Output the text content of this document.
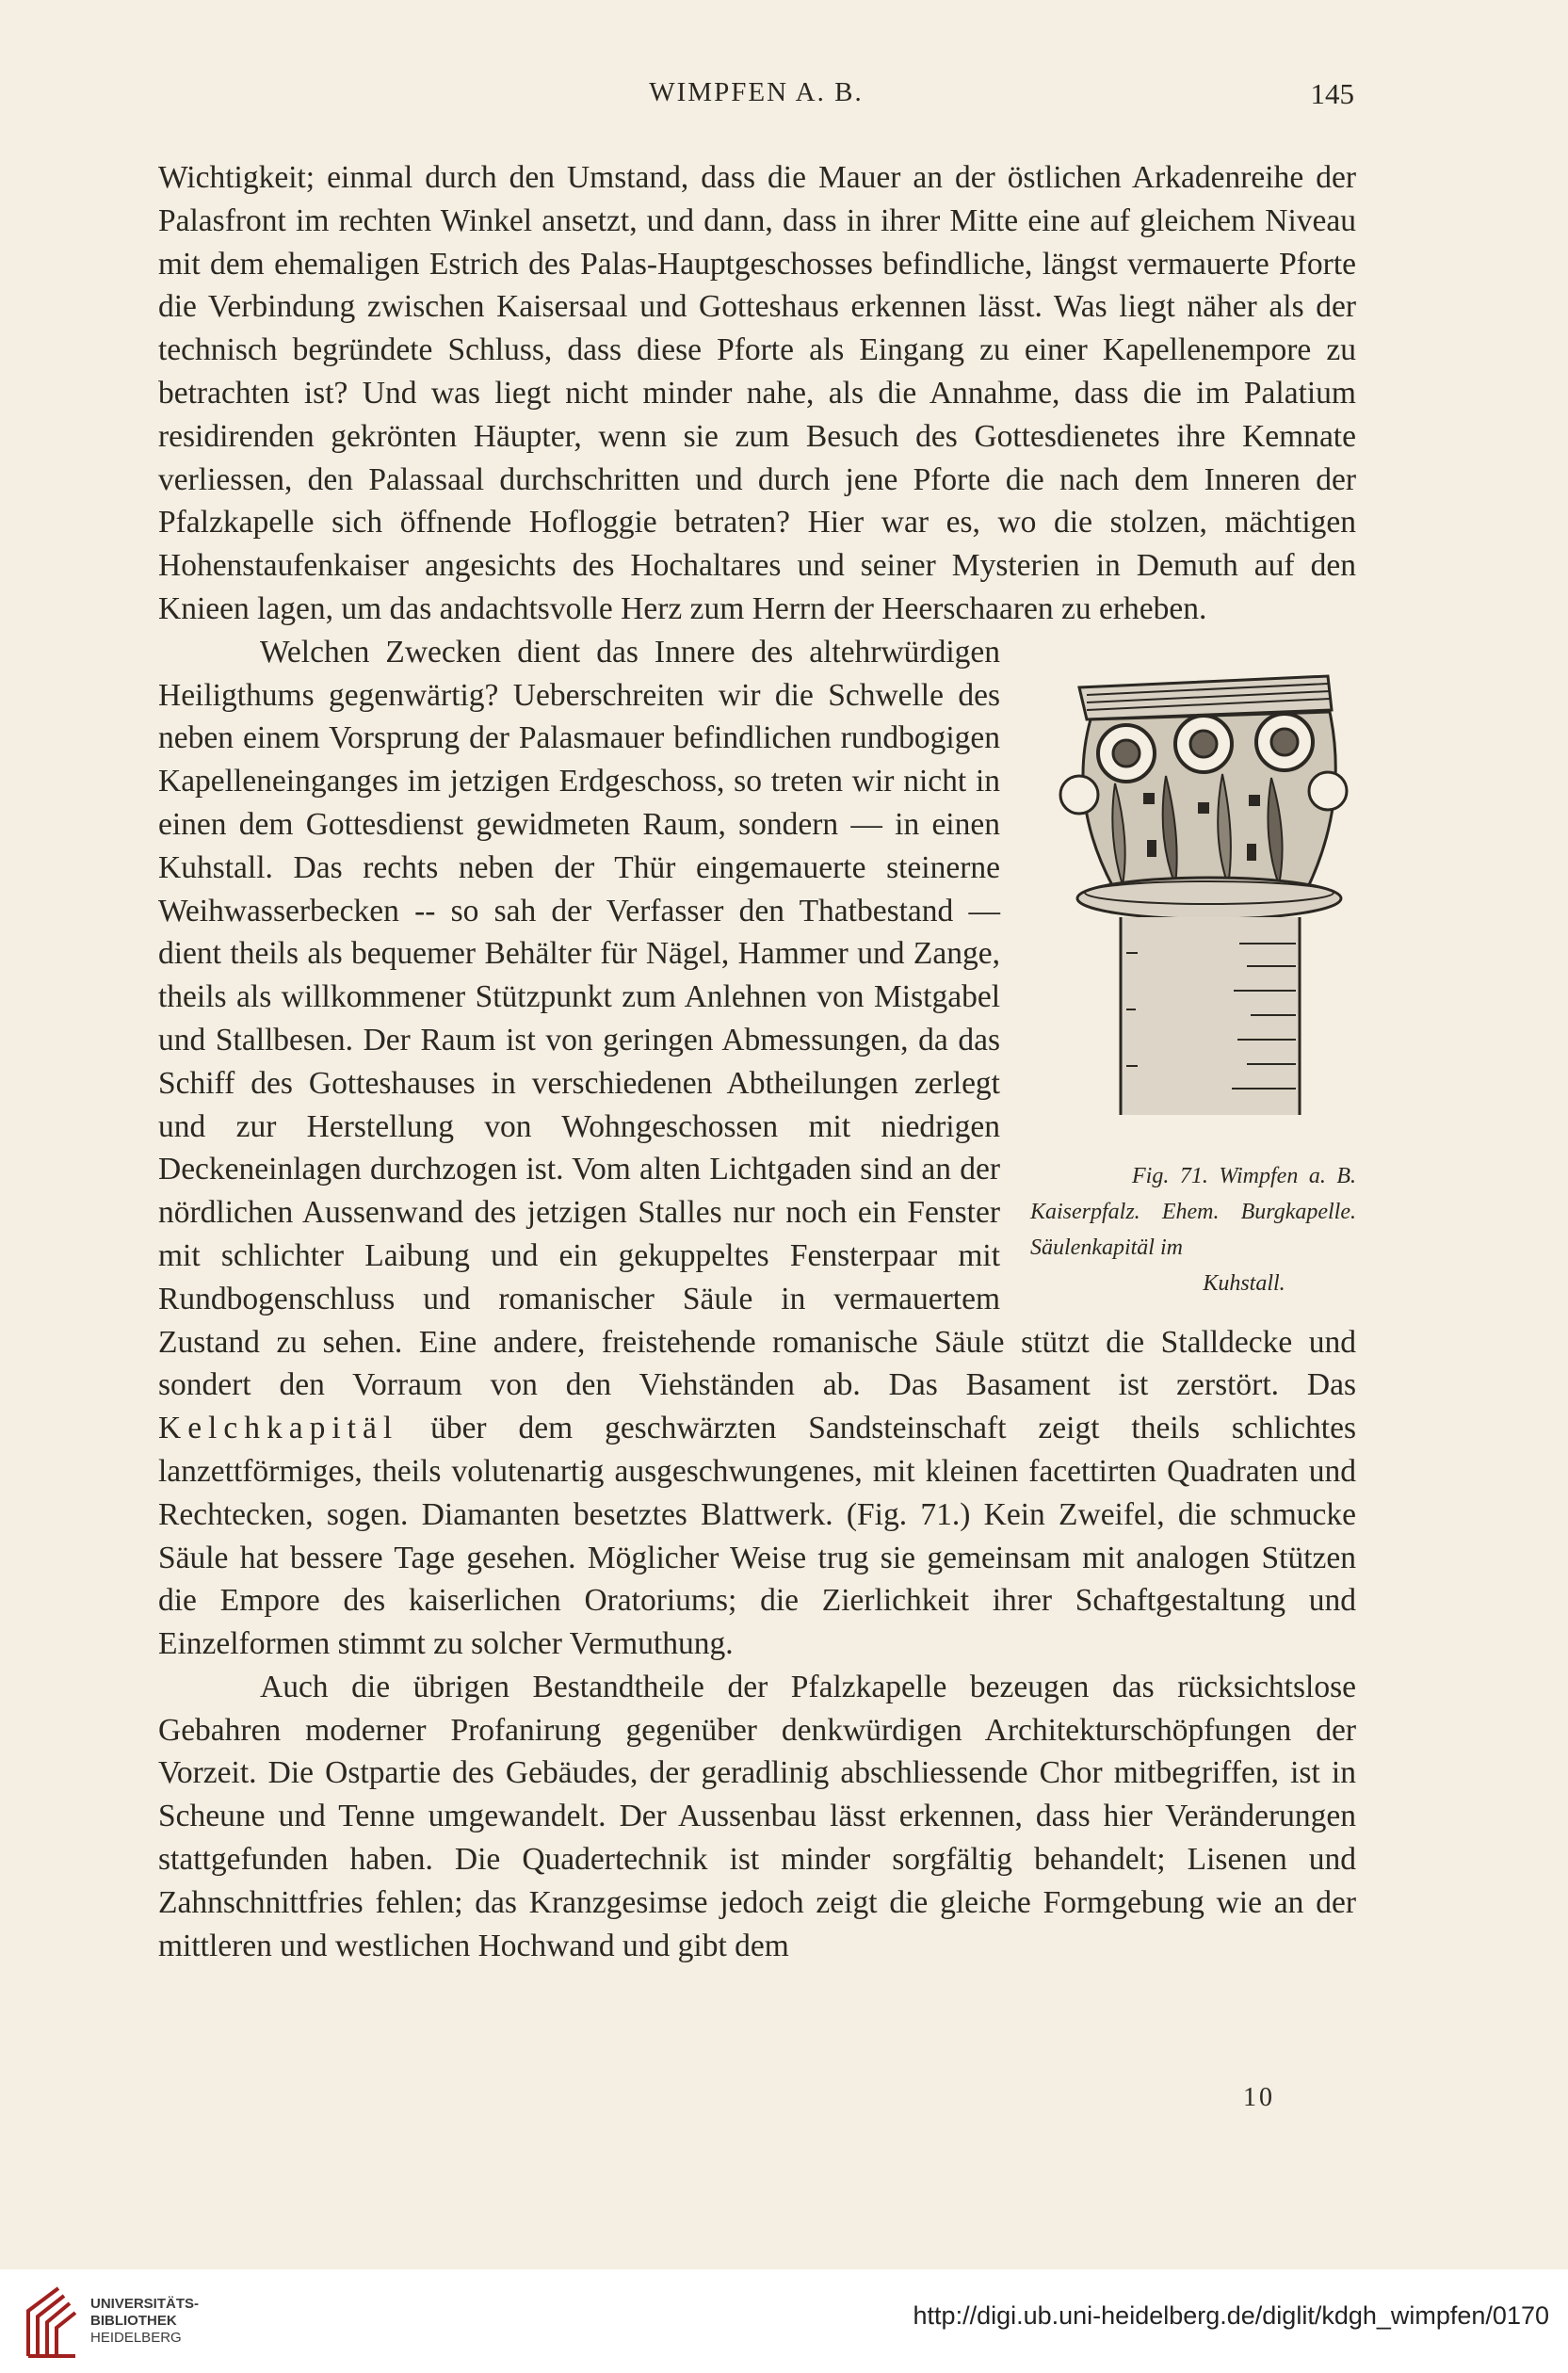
WIMPFEN A. B.	145

Wichtigkeit; einmal durch den Umstand, dass die Mauer an der östlichen Arkadenreihe der Palasfront im rechten Winkel ansetzt, und dann, dass in ihrer Mitte eine auf gleichem Niveau mit dem ehemaligen Estrich des Palas-Hauptgeschosses befindliche, längst vermauerte Pforte die Verbindung zwischen Kaisersaal und Gotteshaus erkennen lässt. Was liegt näher als der technisch begründete Schluss, dass diese Pforte als Eingang zu einer Kapellenempore zu betrachten ist? Und was liegt nicht minder nahe, als die Annahme, dass die im Palatium residirenden gekrönten Häupter, wenn sie zum Besuch des Gottesdienetes ihre Kemnate verliessen, den Palassaal durchschritten und durch jene Pforte die nach dem Inneren der Pfalzkapelle sich öffnende Hofloggie betraten? Hier war es, wo die stolzen, mächtigen Hohenstaufenkaiser angesichts des Hochaltares und seiner Mysterien in Demuth auf den Knieen lagen, um das andachtsvolle Herz zum Herrn der Heerschaaren zu erheben.

Fig. 71. Wimpfen a. B. Kaiserpfalz. Ehem. Burgkapelle. Säulenkapitäl im
Kuhstall.
Welchen Zwecken dient das Innere des altehrwürdigen Heiligthums gegenwärtig? Ueberschreiten wir die Schwelle des neben einem Vorsprung der Palasmauer befindlichen rundbogigen Kapelleneinganges im jetzigen Erdgeschoss, so treten wir nicht in einen dem Gottesdienst gewidmeten Raum, sondern — in einen Kuhstall. Das rechts neben der Thür eingemauerte steinerne Weihwasserbecken -- so sah der Verfasser den Thatbestand — dient theils als bequemer Behälter für Nägel, Hammer und Zange, theils als willkommener Stützpunkt zum Anlehnen von Mistgabel und Stallbesen. Der Raum ist von geringen Abmessungen, da das Schiff des Gotteshauses in verschiedenen Abtheilungen zerlegt und zur Herstellung von Wohngeschossen mit niedrigen Deckeneinlagen durchzogen ist. Vom alten Lichtgaden sind an der nördlichen Aussenwand des jetzigen Stalles nur noch ein Fenster mit schlichter Laibung und ein gekuppeltes Fensterpaar mit Rundbogenschluss und romanischer Säule in vermauertem Zustand zu sehen. Eine andere, freistehende romanische Säule stützt die Stalldecke und sondert den Vorraum von den Viehständen ab. Das Basament ist zerstört. Das Kelchkapitäl über dem geschwärzten Sandsteinschaft zeigt theils schlichtes lanzettförmiges, theils volutenartig ausgeschwungenes, mit kleinen facettirten Quadraten und Rechtecken, sogen. Diamanten besetztes Blattwerk. (Fig. 71.) Kein Zweifel, die schmucke Säule hat bessere Tage gesehen. Möglicher Weise trug sie gemeinsam mit analogen Stützen die Empore des kaiserlichen Oratoriums; die Zierlichkeit ihrer Schaftgestaltung und Einzelformen stimmt zu solcher Vermuthung.

Auch die übrigen Bestandtheile der Pfalzkapelle bezeugen das rücksichtslose Gebahren moderner Profanirung gegenüber denkwürdigen Architekturschöpfungen der Vorzeit. Die Ostpartie des Gebäudes, der geradlinig abschliessende Chor mitbegriffen, ist in Scheune und Tenne umgewandelt. Der Aussenbau lässt erkennen, dass hier Veränderungen stattgefunden haben. Die Quadertechnik ist minder sorgfältig behandelt; Lisenen und Zahnschnittfries fehlen; das Kranzgesimse jedoch zeigt die gleiche Formgebung wie an der mittleren und westlichen Hochwand und gibt dem

10
UNIVERSITÄTS-
BIBLIOTHEK
HEIDELBERG
http://digi.ub.uni-heidelberg.de/diglit/kdgh_wimpfen/0170
